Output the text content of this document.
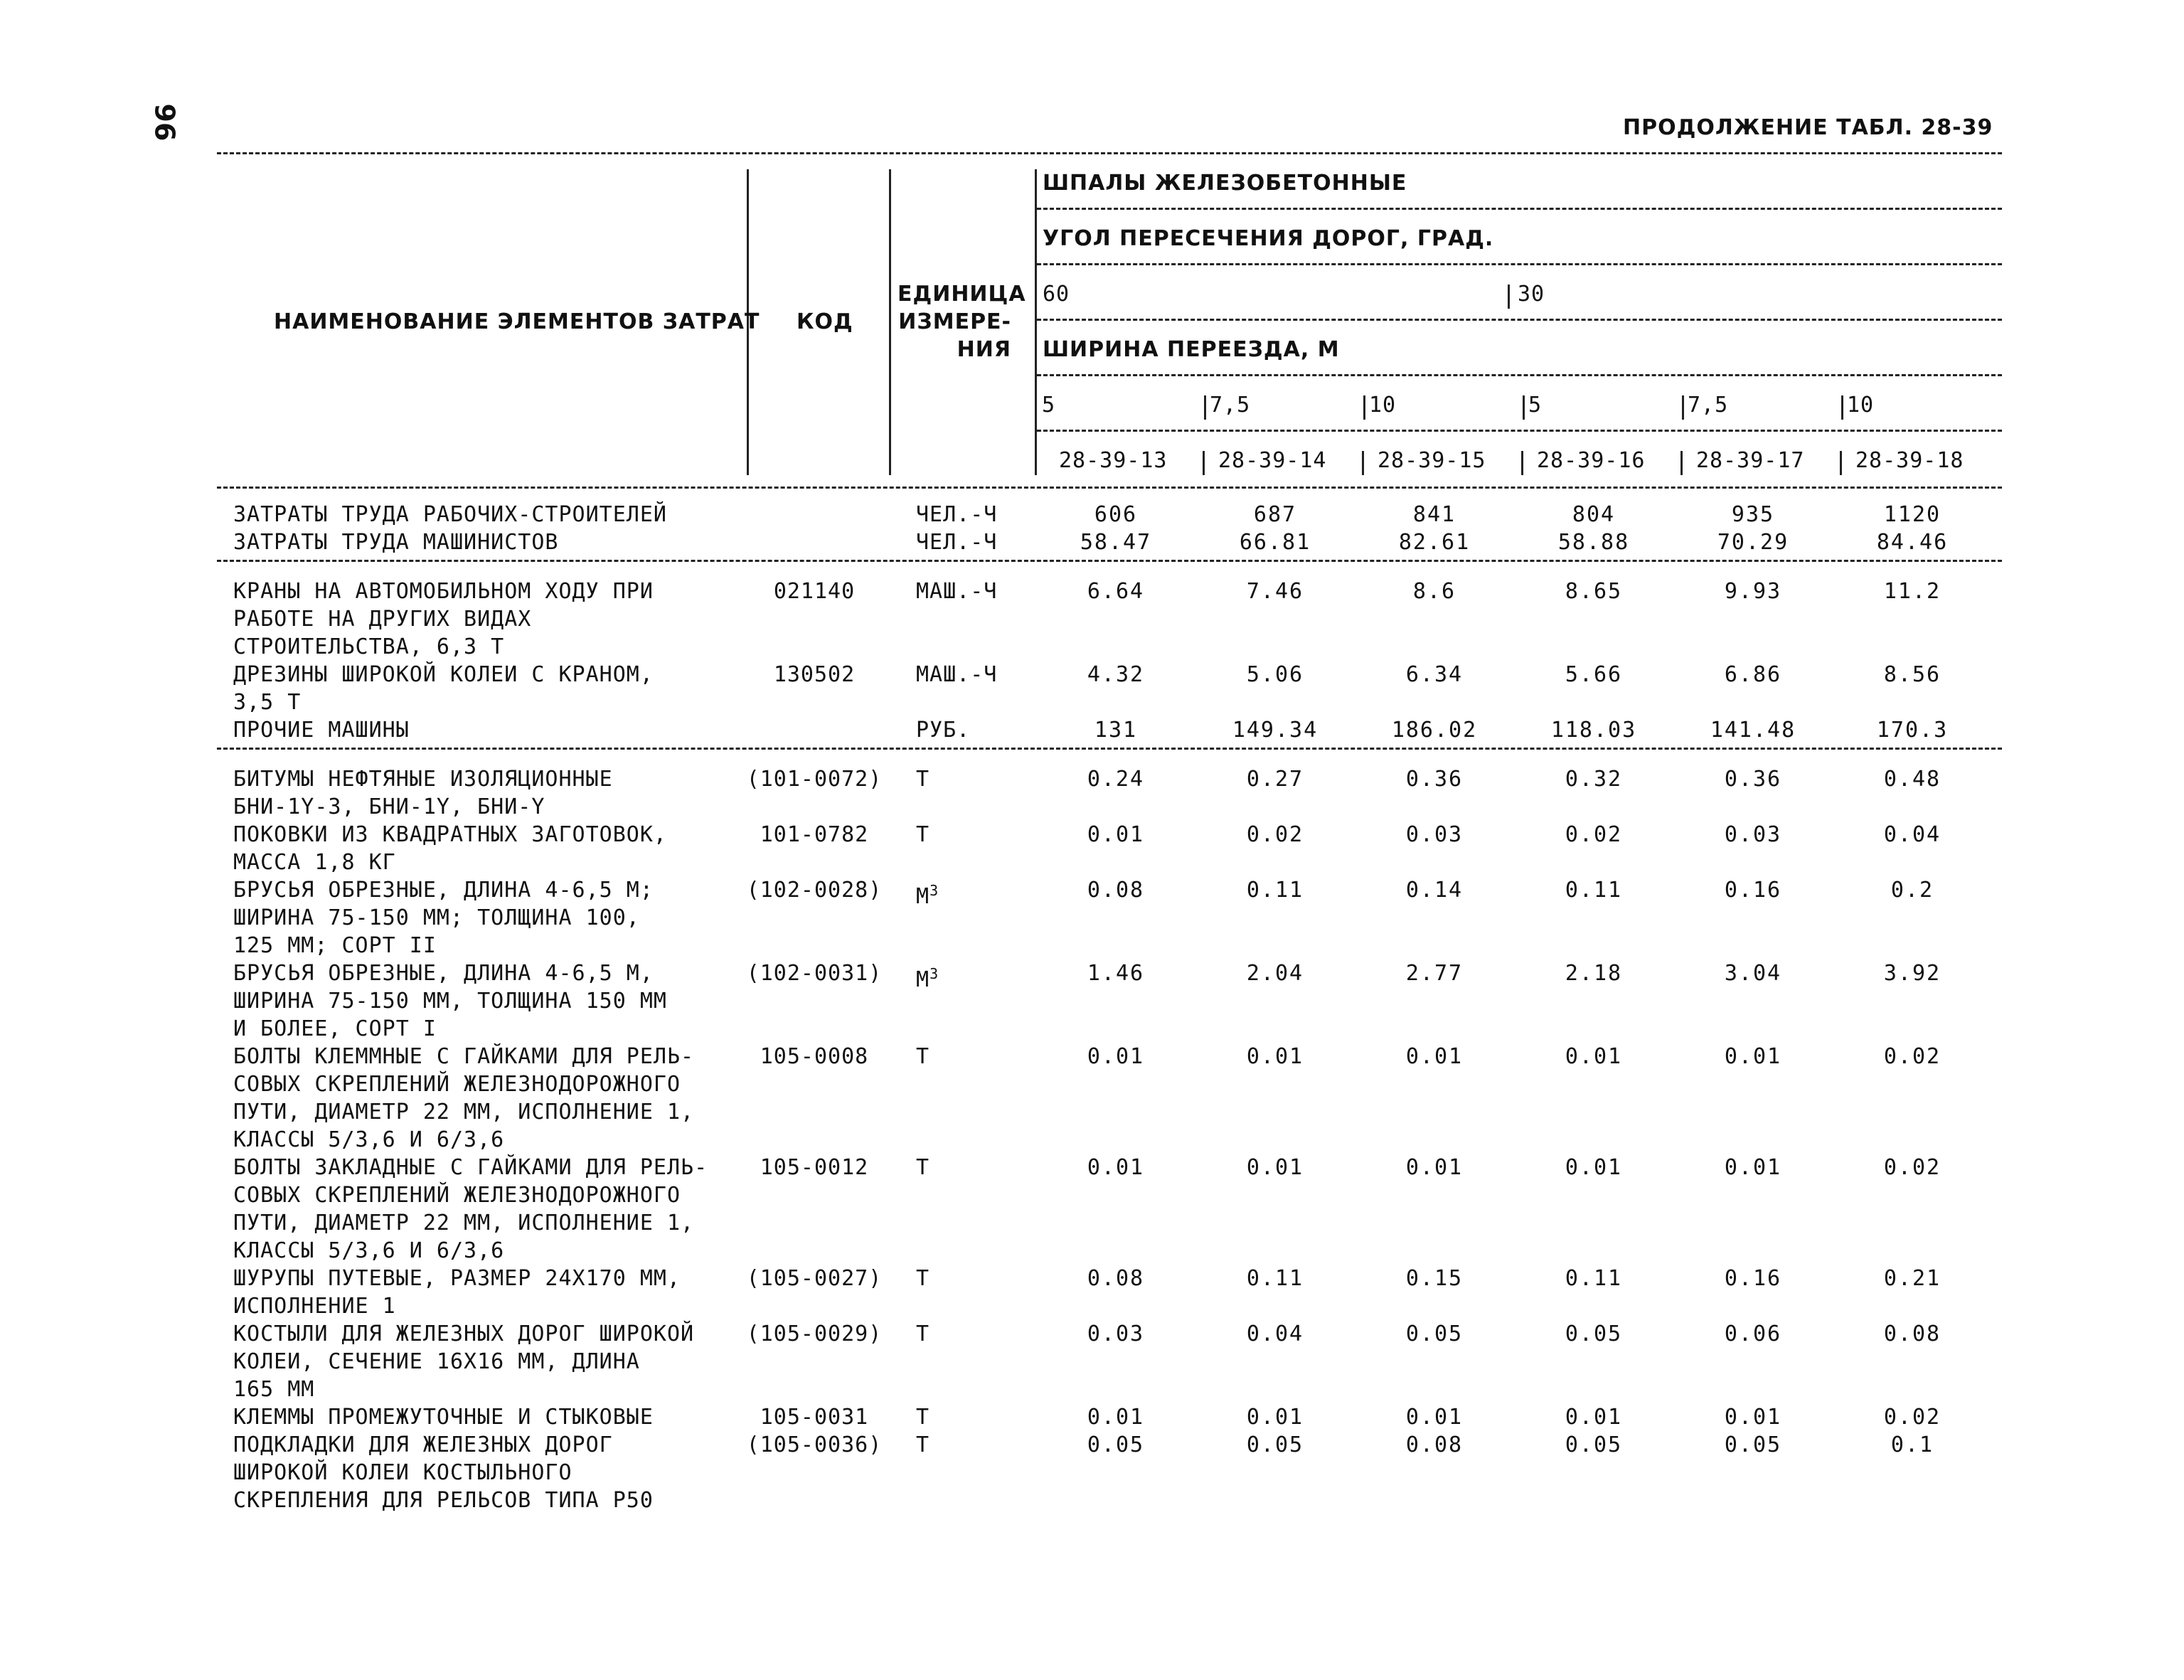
96	ПРОДОЛЖЕНИЕ ТАБЛ. 28-39
НАИМЕНОВАНИЕ ЭЛЕМЕНТОВ ЗАТРАТ КОД
ЕДИНИЦА
ИЗМЕРЕ-
НИЯ
ШПАЛЫ ЖЕЛЕЗОБЕТОННЫЕ
УГОЛ ПЕРЕСЕЧЕНИЯ ДОРОГ, ГРАД.
60	30
ШИРИНА ПЕРЕЕЗДА, М
5	7,5	10	5	7,5	10
28-39-13 28-39-14 28-39-15 28-39-16 28-39-17 28-39-18
ЗАТРАТЫ ТРУДА РАБОЧИХ-СТРОИТЕЛЕЙ	ЧЕЛ.-Ч	606	687	841	804	935	1120
ЗАТРАТЫ ТРУДА МАШИНИСТОВ	ЧЕЛ.-Ч	58.47	66.81	82.61	58.88	70.29	84.46
КРАНЫ НА АВТОМОБИЛЬНОМ ХОДУ ПРИ
РАБОТЕ НА ДРУГИХ ВИДАХ
СТРОИТЕЛЬСТВА, 6,3 Т
021140	МАШ.-Ч	6.64	7.46	8.6	8.65	9.93	11.2
ДРЕЗИНЫ ШИРОКОЙ КОЛЕИ С КРАНОМ,
3,5 Т
130502	МАШ.-Ч	4.32	5.06	6.34	5.66	6.86	8.56
ПРОЧИЕ МАШИНЫ	РУБ.	131	149.34	186.02	118.03	141.48	170.3
БИТУМЫ НЕФТЯНЫЕ ИЗОЛЯЦИОННЫЕ
БНИ-1Y-3, БНИ-1Y, БНИ-Y
(101-0072)	Т	0.24	0.27	0.36	0.32	0.36	0.48
ПОКОВКИ ИЗ КВАДРАТНЫХ ЗАГОТОВОК,
МАССА 1,8 КГ
101-0782	Т	0.01	0.02	0.03	0.02	0.03	0.04
БРУСЬЯ ОБРЕЗНЫЕ, ДЛИНА 4-6,5 М;
ШИРИНА 75-150 ММ; ТОЛЩИНА 100,
125 ММ; СОРТ II
(102-0028)	$М^3$	0.08	0.11	0.14	0.11	0.16	0.2
БРУСЬЯ ОБРЕЗНЫЕ, ДЛИНА 4-6,5 М,
ШИРИНА 75-150 ММ, ТОЛЩИНА 150 ММ
И БОЛЕЕ, СОРТ I
(102-0031)	$М^3$	1.46	2.04	2.77	2.18	3.04	3.92
БОЛТЫ КЛЕММНЫЕ С ГАЙКАМИ ДЛЯ РЕЛЬ-
СОВЫХ СКРЕПЛЕНИЙ ЖЕЛЕЗНОДОРОЖНОГО
ПУТИ, ДИАМЕТР 22 ММ, ИСПОЛНЕНИЕ 1,
КЛАССЫ 5/3,6 И 6/3,6
105-0008	Т	0.01	0.01	0.01	0.01	0.01	0.02
БОЛТЫ ЗАКЛАДНЫЕ С ГАЙКАМИ ДЛЯ РЕЛЬ-
СОВЫХ СКРЕПЛЕНИЙ ЖЕЛЕЗНОДОРОЖНОГО
ПУТИ, ДИАМЕТР 22 ММ, ИСПОЛНЕНИЕ 1,
КЛАССЫ 5/3,6 И 6/3,6
105-0012	Т	0.01	0.01	0.01	0.01	0.01	0.02
ШУРУПЫ ПУТЕВЫЕ, РАЗМЕР 24Х170 ММ,
ИСПОЛНЕНИЕ 1
(105-0027)	Т	0.08	0.11	0.15	0.11	0.16	0.21
КОСТЫЛИ ДЛЯ ЖЕЛЕЗНЫХ ДОРОГ ШИРОКОЙ
КОЛЕИ, СЕЧЕНИЕ 16Х16 ММ, ДЛИНА
165 ММ
(105-0029)	Т	0.03	0.04	0.05	0.05	0.06	0.08
КЛЕММЫ ПРОМЕЖУТОЧНЫЕ И СТЫКОВЫЕ	105-0031	Т	0.01	0.01	0.01	0.01	0.01	0.02
ПОДКЛАДКИ ДЛЯ ЖЕЛЕЗНЫХ ДОРОГ
ШИРОКОЙ КОЛЕИ КОСТЫЛЬНОГО
СКРЕПЛЕНИЯ ДЛЯ РЕЛЬСОВ ТИПА Р50
(105-0036)	Т	0.05	0.05	0.08	0.05	0.05	0.1
